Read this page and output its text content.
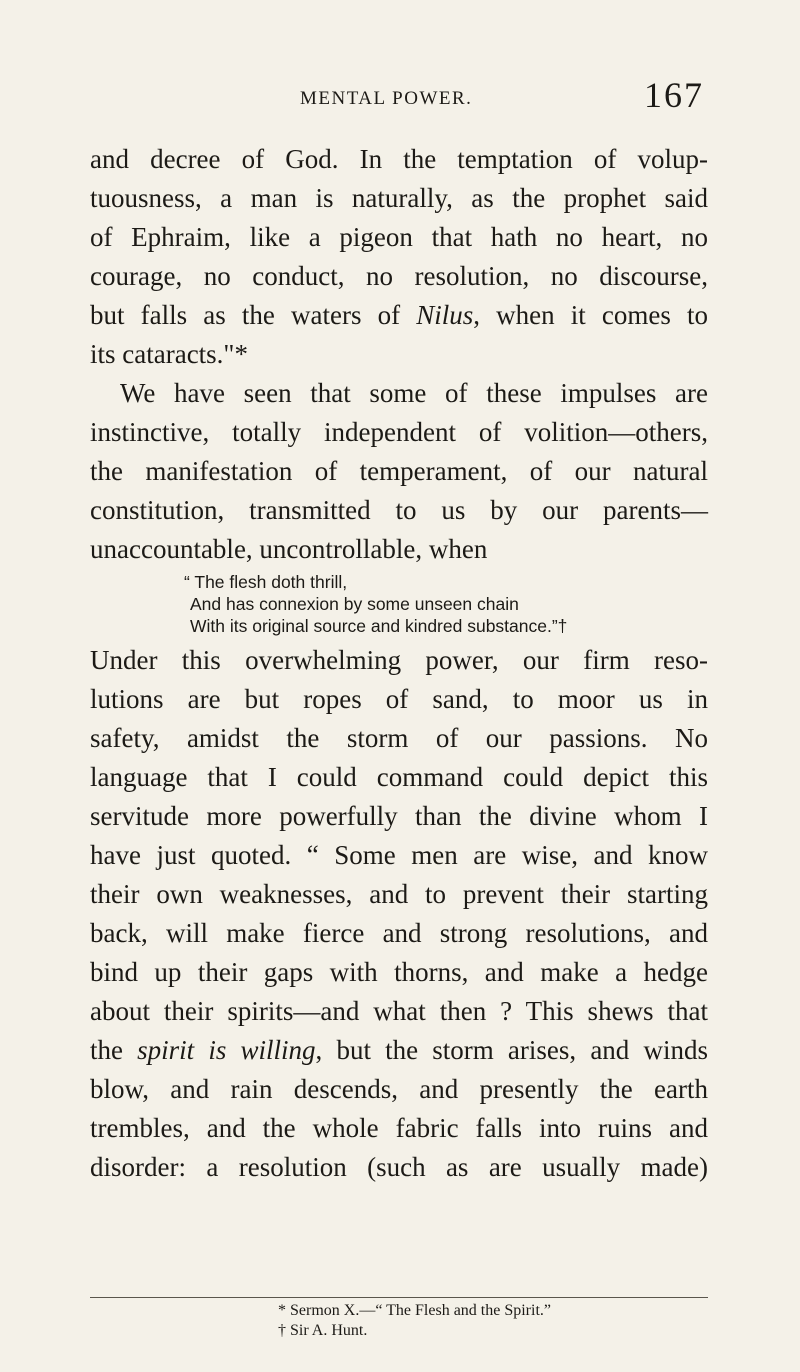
MENTAL POWER.	167
and decree of God. In the temptation of volup-
tuousness, a man is naturally, as the prophet said
of Ephraim, like a pigeon that hath no heart, no
courage, no conduct, no resolution, no discourse,
but falls as the waters of Nilus, when it comes to
its cataracts."*
We have seen that some of these impulses are
instinctive, totally independent of volition—others,
the manifestation of temperament, of our natural
constitution, transmitted to us by our parents—
unaccountable, uncontrollable, when
“ The flesh doth thrill,
And has connexion by some unseen chain
With its original source and kindred substance.”†
Under this overwhelming power, our firm reso-
lutions are but ropes of sand, to moor us in
safety, amidst the storm of our passions. No
language that I could command could depict this
servitude more powerfully than the divine whom I
have just quoted. “ Some men are wise, and know
their own weaknesses, and to prevent their starting
back, will make fierce and strong resolutions, and
bind up their gaps with thorns, and make a hedge
about their spirits—and what then ? This shews that
the spirit is willing, but the storm arises, and winds
blow, and rain descends, and presently the earth
trembles, and the whole fabric falls into ruins and
disorder: a resolution (such as are usually made)
* Sermon X.—“ The Flesh and the Spirit.”
† Sir A. Hunt.
